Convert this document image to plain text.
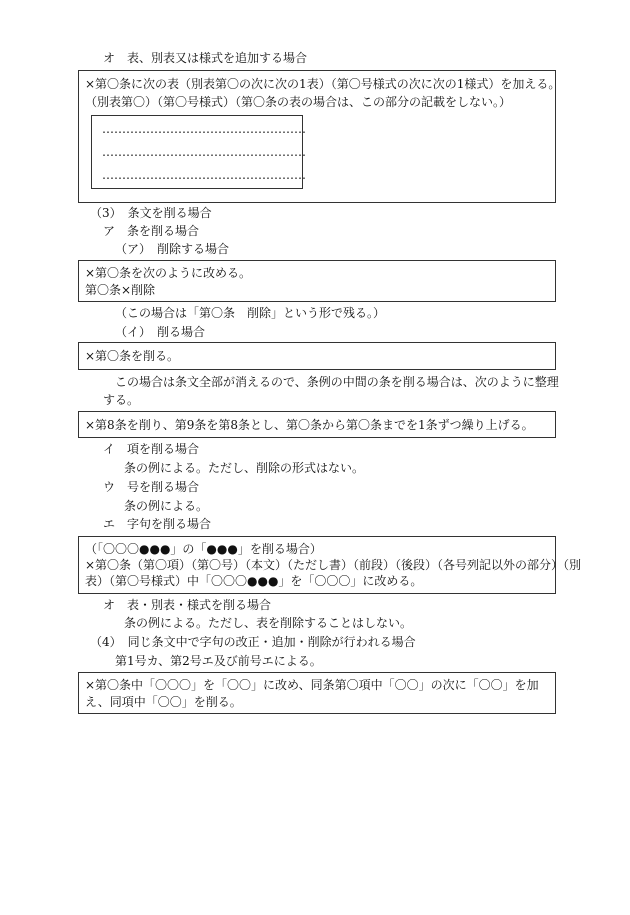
オ　表、別表又は様式を追加する場合
×第〇条に次の表（別表第〇の次に次の1表）（第〇号様式の次に次の1様式）を加える。
（別表第〇）（第〇号様式）（第〇条の表の場合は、この部分の記載をしない。）
……………………………………………
……………………………………………
……………………………………………
（3）　条文を削る場合
ア　条を削る場合
（ア）　削除する場合
×第〇条を次のように改める。
第〇条×削除
（この場合は「第〇条　削除」という形で残る。）
（イ）　削る場合
×第〇条を削る。
この場合は条文全部が消えるので、条例の中間の条を削る場合は、次のように整理
する。
×第8条を削り、第9条を第8条とし、第〇条から第〇条までを1条ずつ繰り上げる。
イ　項を削る場合
条の例による。ただし、削除の形式はない。
ウ　号を削る場合
条の例による。
エ　字句を削る場合
（「〇〇〇●●●」の「●●●」を削る場合）
×第〇条（第〇項）（第〇号）（本文）（ただし書）（前段）（後段）（各号列記以外の部分）（別
表）（第〇号様式）中「〇〇〇●●●」を「〇〇〇」に改める。
オ　表・別表・様式を削る場合
条の例による。ただし、表を削除することはしない。
（4）　同じ条文中で字句の改正・追加・削除が行われる場合
第1号カ、第2号エ及び前号エによる。
×第〇条中「〇〇〇」を「〇〇」に改め、同条第〇項中「〇〇」の次に「〇〇」を加
え、同項中「〇〇」を削る。
